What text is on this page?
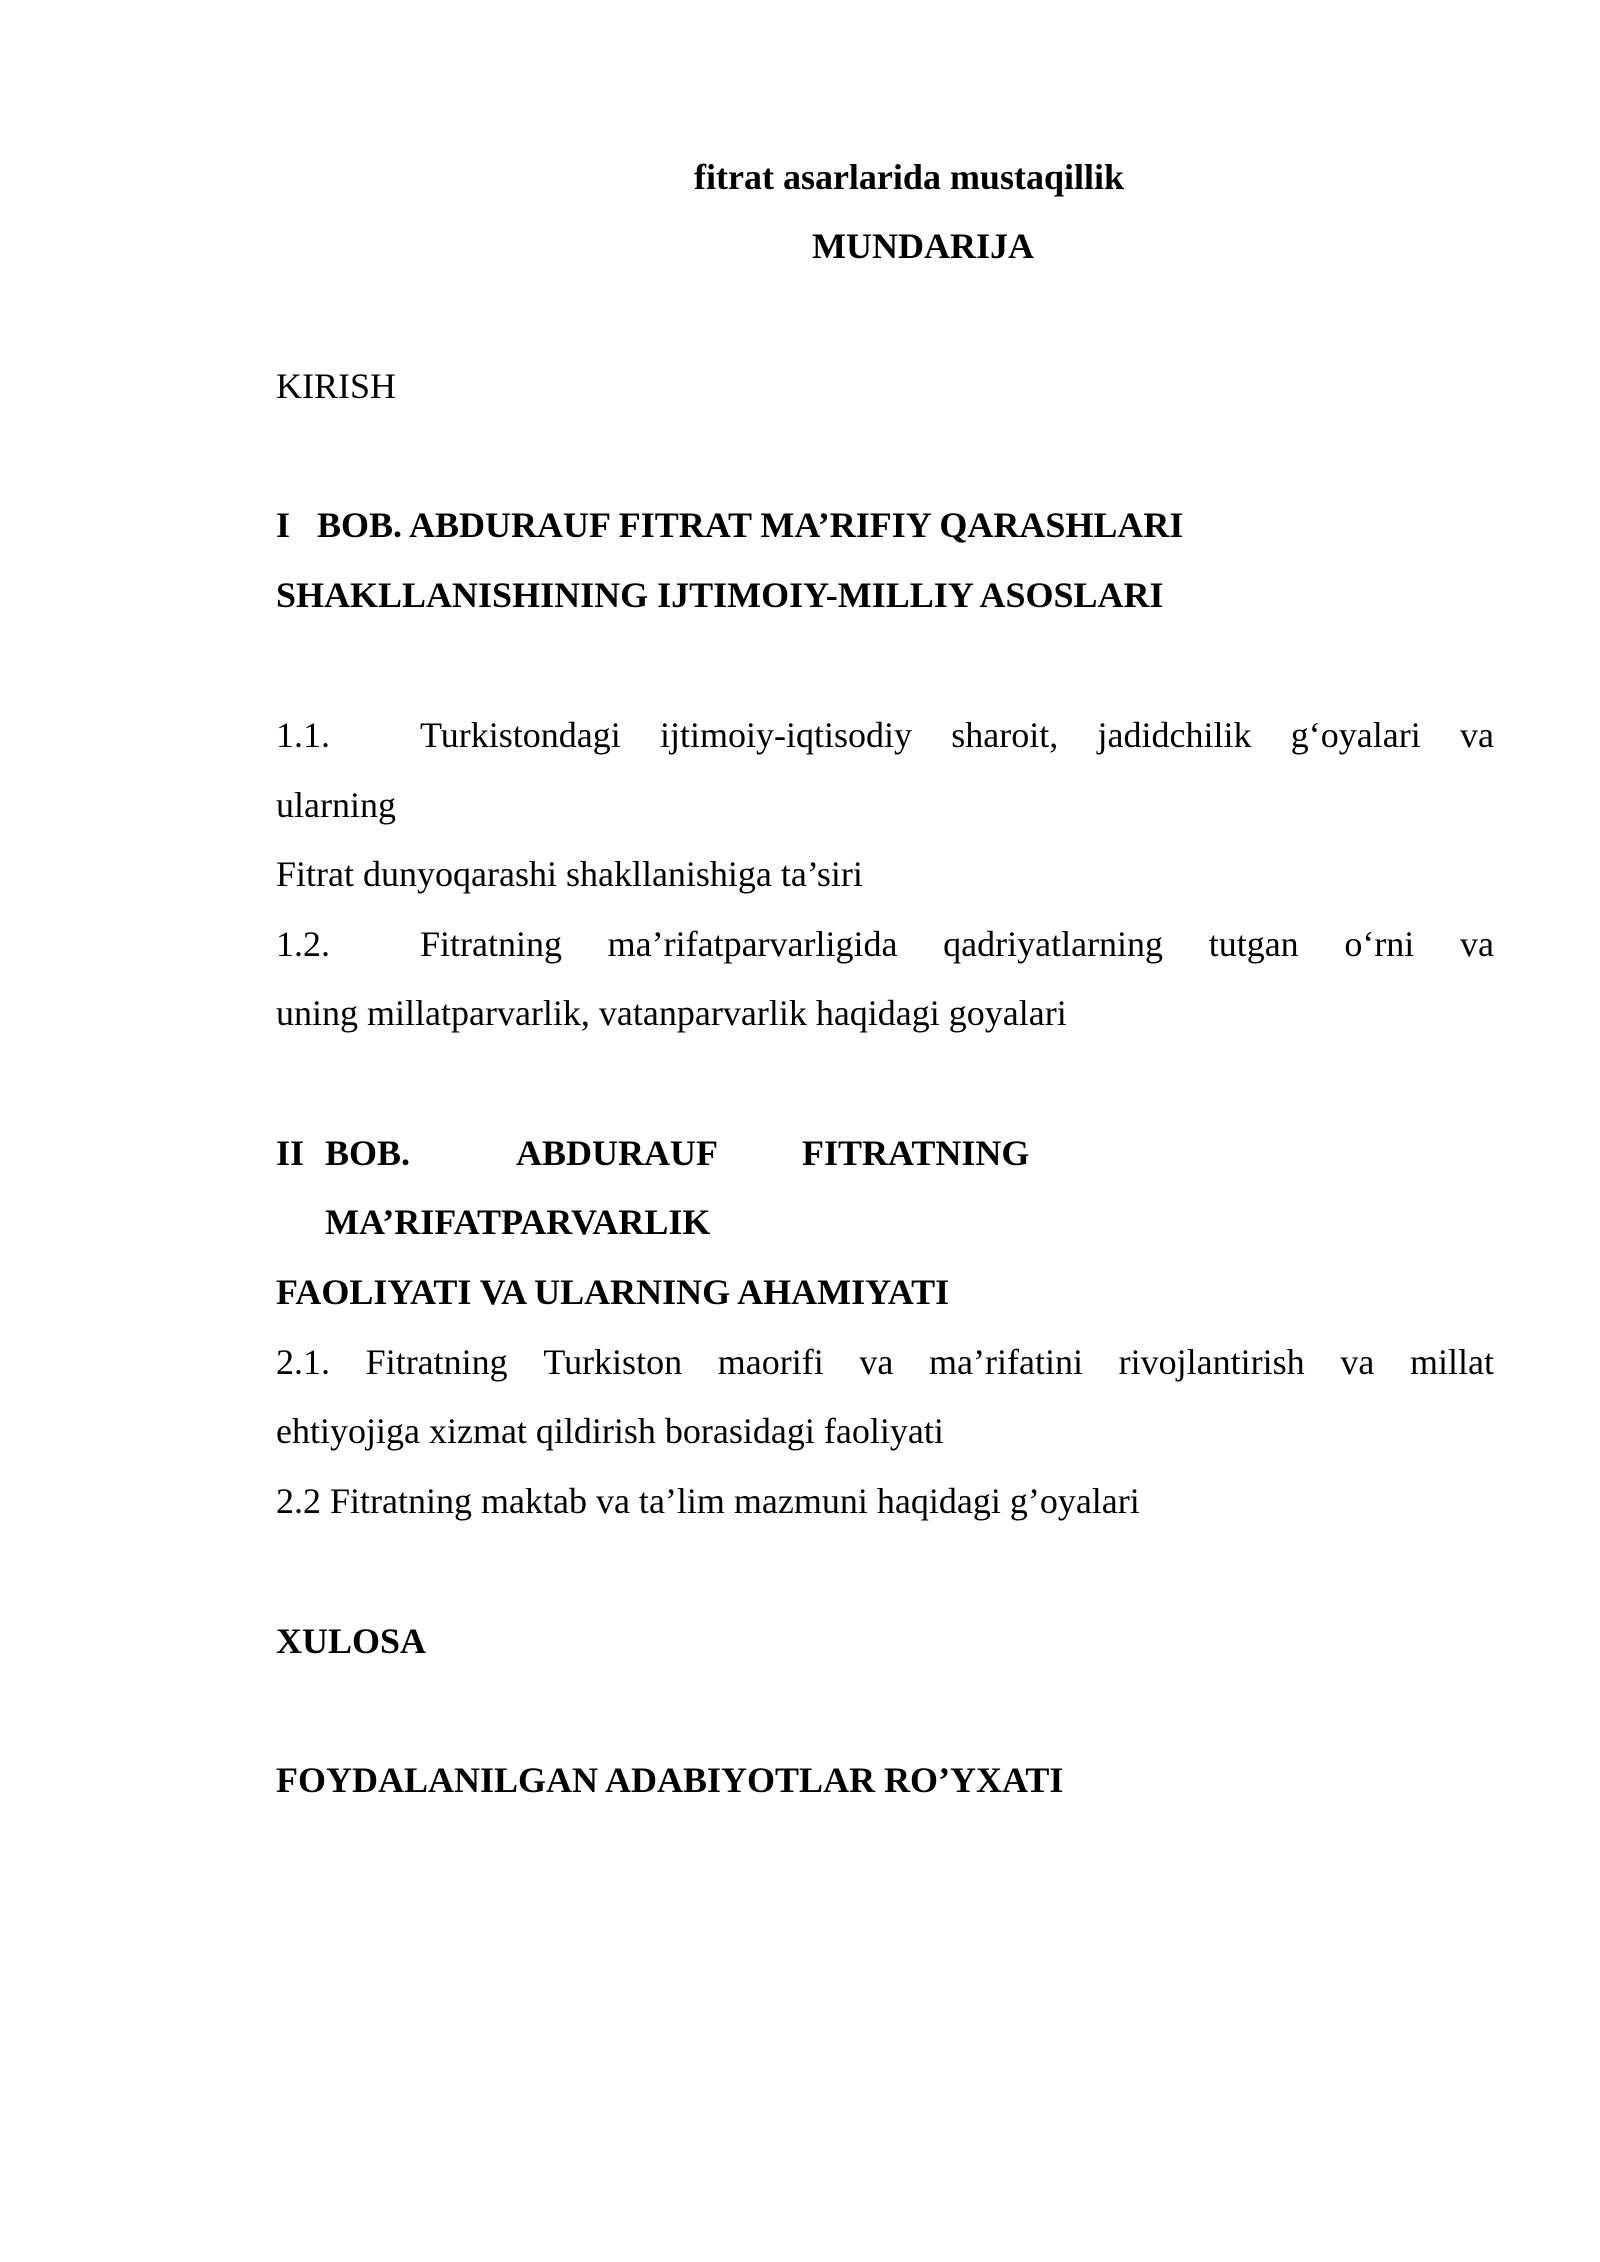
fitrat asarlarida mustaqillik
MUNDARIJA
KIRISH
I   BOB. ABDURAUF FITRAT MA’RIFIY QARASHLARI
SHAKLLANISHINING IJTIMOIY-MILLIY ASOSLARI
1.1.	Turkistondagi ijtimoiy-iqtisodiy sharoit, jadidchilik g‘oyalari va
ularning
Fitrat dunyoqarashi shakllanishiga ta’siri
1.2.	Fitratning ma’rifatparvarligida qadriyatlarning tutgan o‘rni va
uning millatparvarlik, vatanparvarlik haqidagi goyalari
II BOB.	ABDURAUF FITRATNING
MA’RIFATPARVARLIK
FAOLIYATI VA ULARNING AHAMIYATI
2.1. Fitratning Turkiston maorifi va ma’rifatini rivojlantirish va millat
ehtiyojiga xizmat qildirish borasidagi faoliyati
2.2 Fitratning maktab va ta’lim mazmuni haqidagi g’oyalari
XULOSA
FOYDALANILGAN ADABIYOTLAR RO’YXATI
